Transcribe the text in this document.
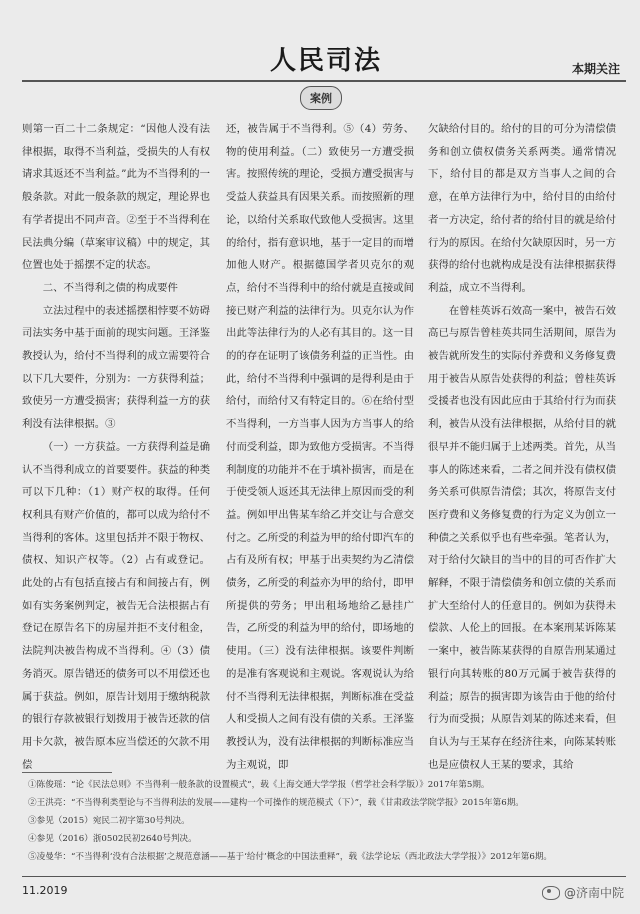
人民司法	本期关注
案例

则第一百二十二条规定：“因他人没有法律根据，取得不当利益，受损失的人有权请求其返还不当利益。”此为不当得利的一般条款。对此一般条款的规定，理论界也有学者提出不同声音。②至于不当得利在民法典分编（草案审议稿）中的规定，其位置也处于摇摆不定的状态。

二、不当得利之债的构成要件

立法过程中的表述摇摆相悖要不妨碍司法实务中基于面前的现实问题。王泽鉴教授认为，给付不当得利的成立需要符合以下几大要件，分别为：一方获得利益；致使另一方遭受损害；获得利益一方的获利没有法律根据。③

（一）一方获益。一方获得利益是确认不当得利成立的首要要件。获益的种类可以下几种：（1）财产权的取得。任何权利具有财产价值的，都可以成为给付不当得利的客体。这里包括并不限于物权、债权、知识产权等。（2）占有或登记。此处的占有包括直接占有和间接占有，例如有实务案例判定，被告无合法根据占有登记在原告名下的房屋并拒不支付租金，法院判决被告构成不当得利。④（3）债务消灭。原告错还的债务可以不用偿还也属于获益。例如，原告计划用于缴纳税款的银行存款被银行划拨用于被告还款的信用卡欠款，被告原本应当偿还的欠款不用偿

还，被告属于不当得利。⑤（4）劳务、物的使用利益。（二）致使另一方遭受损害。按照传统的理论，受损方遭受损害与受益人获益具有因果关系。而按照新的理论，以给付关系取代致他人受损害。这里的给付，指有意识地，基于一定目的而增加他人财产。根据德国学者贝克尔的观点，给付不当得利中的给付就是直接或间接已财产利益的法律行为。贝克尔认为作出此等法律行为的人必有其目的。这一目的的存在证明了该债务利益的正当性。由此，给付不当得利中强调的是得利是由于给付，而给付又有特定目的。⑥在给付型不当得利，一方当事人因为方当事人的给付而受利益，即为致他方受损害。不当得利制度的功能并不在于填补损害，而是在于使受领人返还其无法律上原因而受的利益。例如甲出售某车给乙并交让与合意交付之。乙所受的利益为甲的给付即汽车的占有及所有权；甲基于出卖契约为乙清偿债务，乙所受的利益亦为甲的给付，即甲所提供的劳务；甲出租场地给乙悬挂广告，乙所受的利益为甲的给付，即场地的使用。（三）没有法律根据。该要件判断的是准有客观说和主观说。客观说认为给付不当得利无法律根据，判断标准在受益人和受损人之间有没有债的关系。王泽鉴教授认为，没有法律根据的判断标准应当为主观说，即

欠缺给付目的。给付的目的可分为清偿债务和创立债权债务关系两类。通常情况下，给付目的都是双方当事人之间的合意，在单方法律行为中，给付目的由给付者一方决定，给付者的给付目的就是给付行为的原因。在给付欠缺原因时，另一方获得的给付也就构成是没有法律根据获得利益，成立不当得利。

在曾桂英诉石效高一案中，被告石效高已与原告曾桂英共同生活期间，原告为被告就所发生的实际付养费和义务修复费用于被告从原告处获得的利益；曾桂英诉受援者也没有因此应由于其给付行为而获利，被告从没有法律根据，从给付目的就很早并不能归属于上述两类。首先，从当事人的陈述来看，二者之间并没有债权债务关系可供原告清偿；其次，将原告支付医疗费和义务修复费的行为定义为创立一种债之关系似乎也有些牵强。笔者认为，对于给付欠缺目的当中的目的可否作扩大解释，不限于清偿债务和创立债的关系而扩大至给付人的任意目的。例如为获得未偿款、人伦上的回报。在本案刑某诉陈某一案中，被告陈某获得的自原告刑某通过银行向其转账的80万元属于被告获得的利益；原告的损害即为该告由于他的给付行为而受损；从原告刘某的陈述来看，但自认为与王某存在经济往来，向陈某转账也是应债权人王某的要求，其给

①陈俊瑶：“论《民法总则》不当得利一般条款的设置模式”，载《上海交通大学学报（哲学社会科学版）》2017年第5期。
②王洪亮：“不当得利类型论与不当得利法的发展——建构一个可操作的规范模式（下）”，载《甘肃政法学院学报》2015年第6期。
③参见（2015）宛民二初字第30号判决。
④参见（2016）浙0502民初2640号判决。
⑤凌曼华：“不当得利‘没有合法根据’之规范意涵——基于‘给付’概念的中国法重释”，载《法学论坛（西北政法大学学报）》2012年第6期。
11.2019	@济南中院
